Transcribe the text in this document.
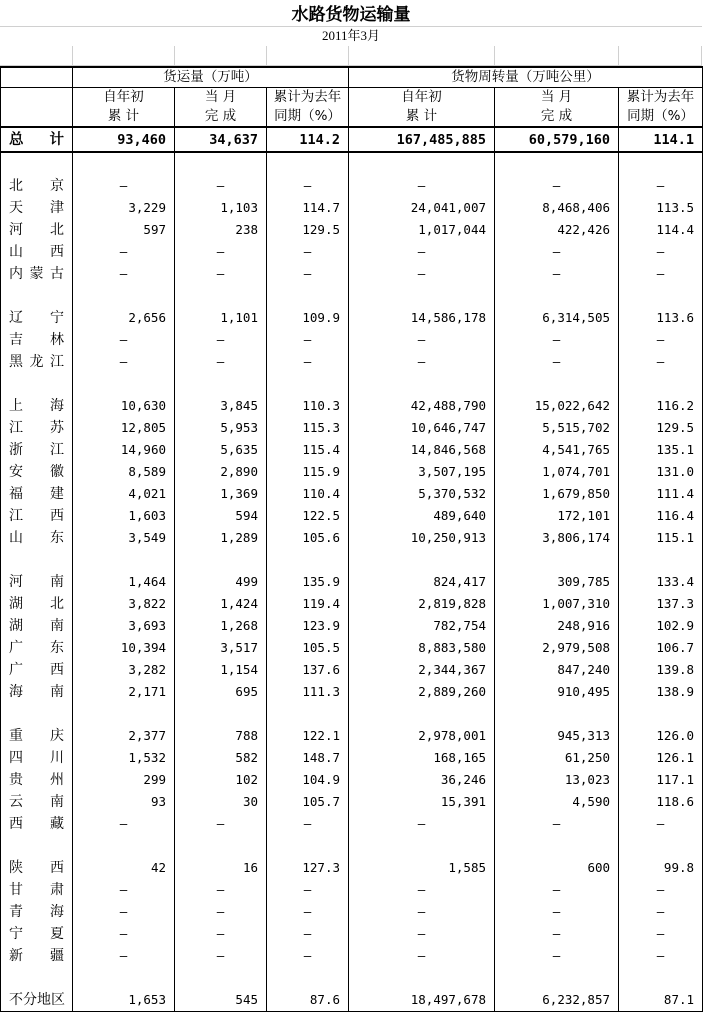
水路货物运输量
2011年3月
	货运量（万吨）			货物周转量（万吨公里）		
	自年初	当 月	累计为去年	自年初	当 月	累计为去年
	累 计	完 成	同期（%）	累 计	完 成	同期（%）
总 计	93,460	34,637	114.2	167,485,885	60,579,160	114.1

北 京	–	–	–	–	–	–
天 津	3,229	1,103	114.7	24,041,007	8,468,406	113.5
河 北	597	238	129.5	1,017,044	422,426	114.4
山 西	–	–	–	–	–	–
内蒙古	–	–	–	–	–	–

辽 宁	2,656	1,101	109.9	14,586,178	6,314,505	113.6
吉 林	–	–	–	–	–	–
黑龙江	–	–	–	–	–	–

上 海	10,630	3,845	110.3	42,488,790	15,022,642	116.2
江 苏	12,805	5,953	115.3	10,646,747	5,515,702	129.5
浙 江	14,960	5,635	115.4	14,846,568	4,541,765	135.1
安 徽	8,589	2,890	115.9	3,507,195	1,074,701	131.0
福 建	4,021	1,369	110.4	5,370,532	1,679,850	111.4
江 西	1,603	594	122.5	489,640	172,101	116.4
山 东	3,549	1,289	105.6	10,250,913	3,806,174	115.1

河 南	1,464	499	135.9	824,417	309,785	133.4
湖 北	3,822	1,424	119.4	2,819,828	1,007,310	137.3
湖 南	3,693	1,268	123.9	782,754	248,916	102.9
广 东	10,394	3,517	105.5	8,883,580	2,979,508	106.7
广 西	3,282	1,154	137.6	2,344,367	847,240	139.8
海 南	2,171	695	111.3	2,889,260	910,495	138.9

重 庆	2,377	788	122.1	2,978,001	945,313	126.0
四 川	1,532	582	148.7	168,165	61,250	126.1
贵 州	299	102	104.9	36,246	13,023	117.1
云 南	93	30	105.7	15,391	4,590	118.6
西 藏	–	–	–	–	–	–

陕 西	42	16	127.3	1,585	600	99.8
甘 肃	–	–	–	–	–	–
青 海	–	–	–	–	–	–
宁 夏	–	–	–	–	–	–
新 疆	–	–	–	–	–	–

不分地区	1,653	545	87.6	18,497,678	6,232,857	87.1
